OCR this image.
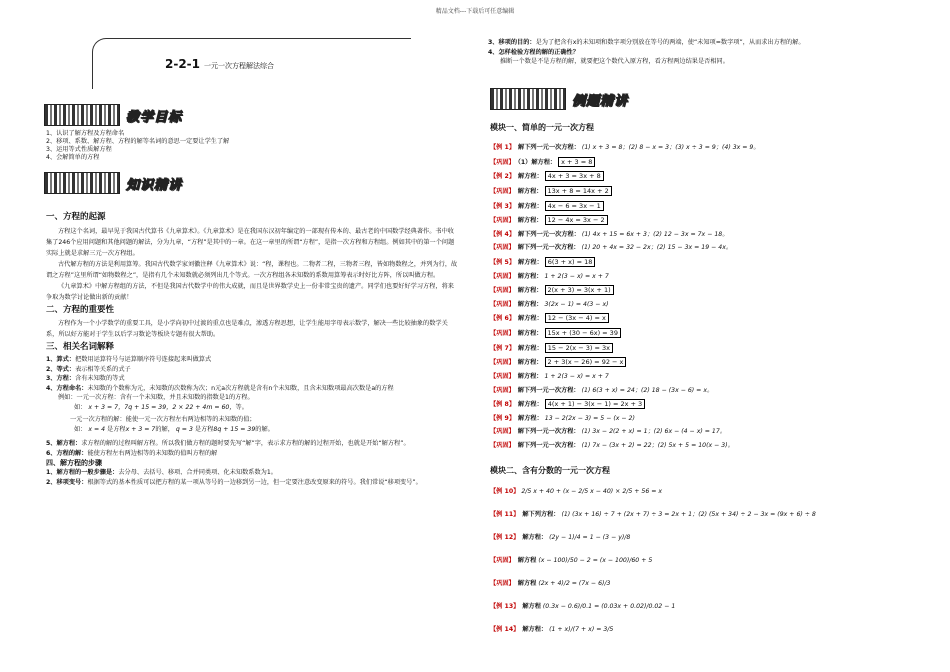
精品文档---下载后可任意编辑
2-2-1 一元一次方程解法综合
教学目标
1、认识了解方程及方程命名
2、移项、系数、解方程、方程的解等名词的意思一定要让学生了解
3、运用等式性质解方程
4、会解简单的方程
知识精讲
一、方程的起源

方程这个名词，最早见于我国古代算书《九章算术》。《九章算术》是在我国东汉初年编定的一部现有传本的、最古老的中国数学经典著作。书中收集了246个应用问题和其他问题的解法，分为九章，“方程”是其中的一章。在这一章里的所谓“方程”，是指一次方程和方程组。例如其中的第一个问题实际上就是求解三元一次方程组。

古代解方程的方法是利用算筹。我国古代数学家刘徽注释《九章算术》说：“程，课程也。二物者二程，三物者三程，皆如物数程之，并列为行，故谓之方程”这里所谓“如物数程之”，是指有几个未知数就必须列出几个等式。一次方程组各未知数的系数用算筹表示时好比方阵，所以叫做方程。

《九章算术》中解方程组的方法，不但是我国古代数学中的伟大成就，而且是世界数学史上一份非常宝贵的遗产。同学们也要好好学习方程，将来争取为数学讨论做出新的贡献！

二、方程的重要性

方程作为一个小学数学的重要工具，是小学向初中过渡的重点也是难点，渗透方程思想，让学生能用字母表示数学，解决一些比较抽象的数学关系，所以好方能对于学生以后学习数论等板块专题有很大帮助。

三、相关名词解释
1、算式：把数用运算符号与运算顺序符号连接起来叫做算式
2、等式：表示相等关系的式子
3、方程：含有未知数的等式
4、方程命名：未知数的个数称为元，未知数的次数称为次；n元a次方程就是含有n个未知数，且含未知数项最高次数是a的方程
例如：一元一次方程：含有一个未知数，并且未知数的指数是1的方程。
如： x + 3 = 7，7q + 15 = 39，2 × 22 + 4m = 60，等。
一元一次方程的解：能使一元一次方程左右两边相等的未知数的值；
如： x = 4 是方程x + 3 = 7的解， q = 3 是方程8q + 15 = 39的解。
5、解方程：求方程的解的过程叫解方程。所以我们做方程的题时要先写“解”字，表示求方程的解的过程开始，也就是开始“解方程”。
6、方程的解：能使方程左右两边相等的未知数的值叫方程的解
四、解方程的步骤
1、解方程的一般步骤是：去分母、去括号、移项、合并同类项、化未知数系数为1。
2、移项变号：根据等式的基本性质可以把方程的某一项从等号的一边移到另一边，但一定要注意改变原来的符号。我们常说“移项变号”。
3、移项的目的：是为了把含有x的未知项和数字项分别放在等号的两端，使“未知项=数字项”，从而求出方程的解。
4、怎样检验方程的解的正确性？
推断一个数是不是方程的解，就要把这个数代入原方程，看方程两边结果是否相同。
例题精讲
模块一、简单的一元一次方程
【例 1】 解下列一元一次方程： (1) x + 3 = 8；(2) 8 − x = 3；(3) x ÷ 3 = 9；(4) 3x = 9。
【巩固】 （1）解方程： x + 3 = 8
【例 2】 解方程： 4x + 3 = 3x + 8
【巩固】 解方程： 13x + 8 = 14x + 2
【例 3】 解方程： 4x − 6 = 3x − 1
【巩固】 解方程： 12 − 4x = 3x − 2
【例 4】 解下列一元一次方程： (1) 4x + 15 = 6x + 3；(2) 12 − 3x = 7x − 18。
【巩固】 解下列一元一次方程： (1) 20 + 4x = 32 − 2x；(2) 15 − 3x = 19 − 4x。
【例 5】 解方程： 6(3 + x) = 18
【巩固】 解方程： 1 + 2(3 − x) = x + 7
【巩固】 解方程： 2(x + 3) = 3(x + 1)
【巩固】 解方程： 3(2x − 1) = 4(3 − x)
【例 6】 解方程： 12 − (3x − 4) = x
【巩固】 解方程： 15x + (30 − 6x) = 39
【例 7】 解方程： 15 − 2(x − 3) = 3x
【巩固】 解方程： 2 + 3(x − 26) = 92 − x
【巩固】 解方程： 1 + 2(3 − x) = x + 7
【巩固】 解下列一元一次方程： (1) 6(3 + x) = 24；(2) 18 − (3x − 6) = x。
【例 8】 解方程： 4(x + 1) − 3(x − 1) = 2x + 3
【例 9】 解方程： 13 − 2(2x − 3) = 5 − (x − 2)
【巩固】 解下列一元一次方程： (1) 3x − 2(2 + x) = 1；(2) 6x − (4 − x) = 17。
【巩固】 解下列一元一次方程： (1) 7x − (3x + 2) = 22；(2) 5x + 5 = 10(x − 3)。
模块二、含有分数的一元一次方程
【例 10】 2/5 x + 40 + (x − 2/5 x − 40) × 2/5 + 56 = x
【例 11】 解下列方程： (1) (3x + 16) ÷ 7 + (2x + 7) ÷ 3 = 2x + 1；(2) (5x + 34) ÷ 2 − 3x = (9x + 6) ÷ 8
【例 12】 解方程： (2y − 1)/4 = 1 − (3 − y)/8
【巩固】 解方程 (x − 100)/50 − 2 = (x − 100)/60 + 5
【巩固】 解方程 (2x + 4)/2 = (7x − 6)/3
【例 13】 解方程 (0.3x − 0.6)/0.1 = (0.03x + 0.02)/0.02 − 1
【例 14】 解方程： (1 + x)/(7 + x) = 3/5
